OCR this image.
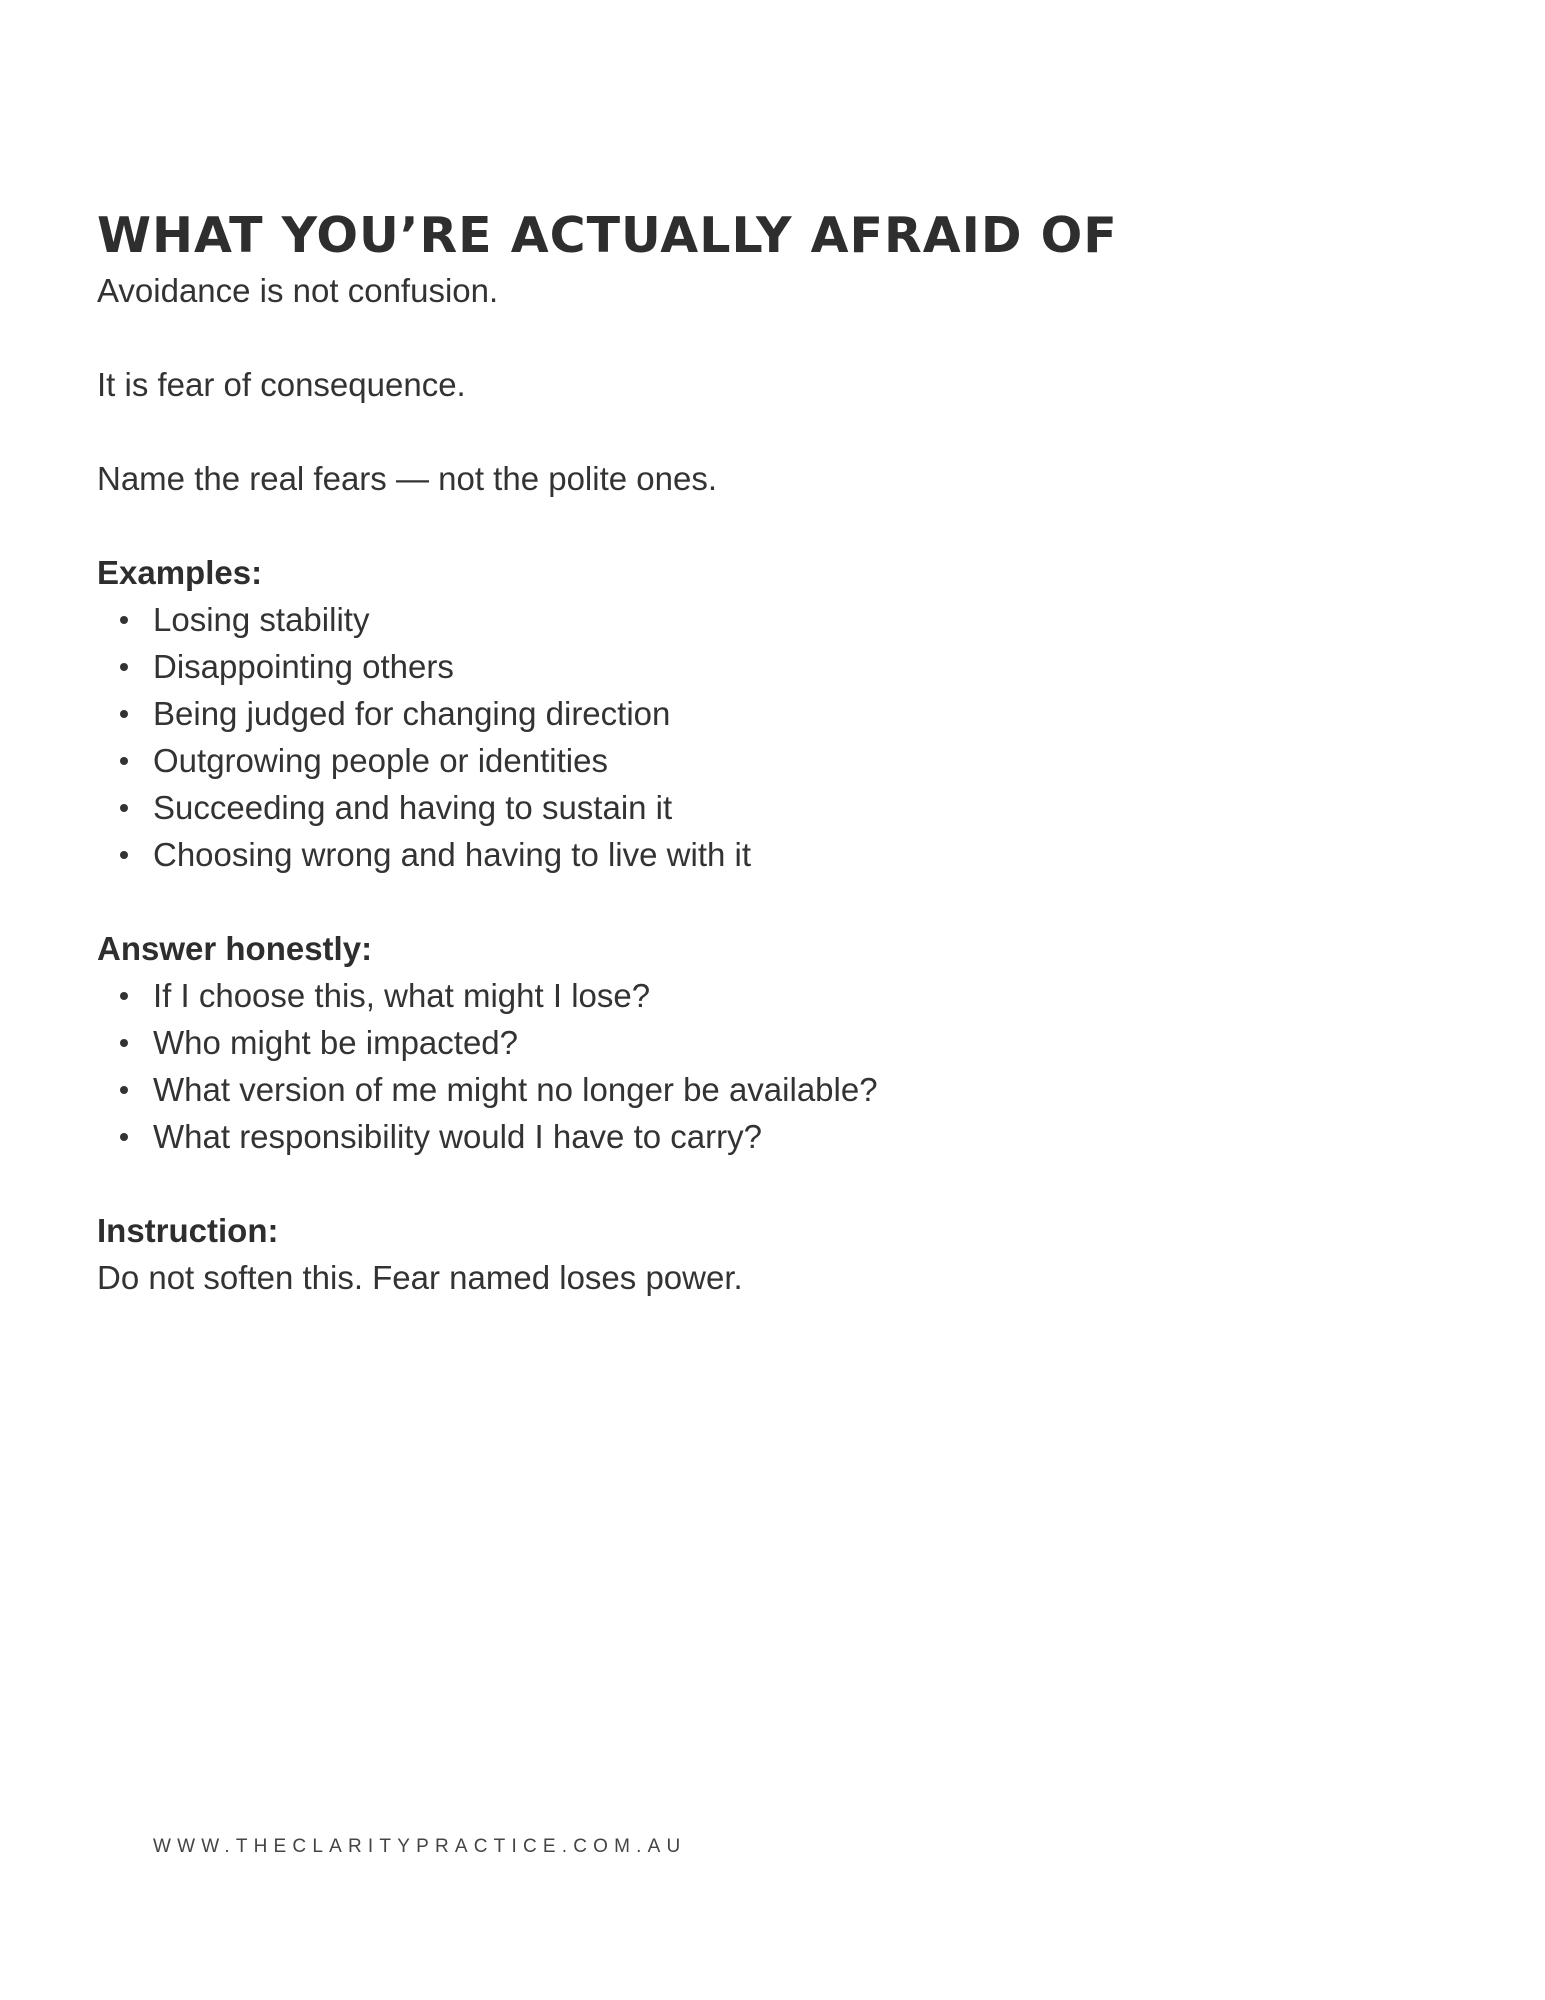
WHAT YOU’RE ACTUALLY AFRAID OF

Avoidance is not confusion.

It is fear of consequence.

Name the real fears — not the polite ones.

Examples:

Losing stability
Disappointing others
Being judged for changing direction
Outgrowing people or identities
Succeeding and having to sustain it
Choosing wrong and having to live with it

Answer honestly:

If I choose this, what might I lose?
Who might be impacted?
What version of me might no longer be available?
What responsibility would I have to carry?

Instruction:

Do not soften this. Fear named loses power.

WWW.THECLARITYPRACTICE.COM.AU
